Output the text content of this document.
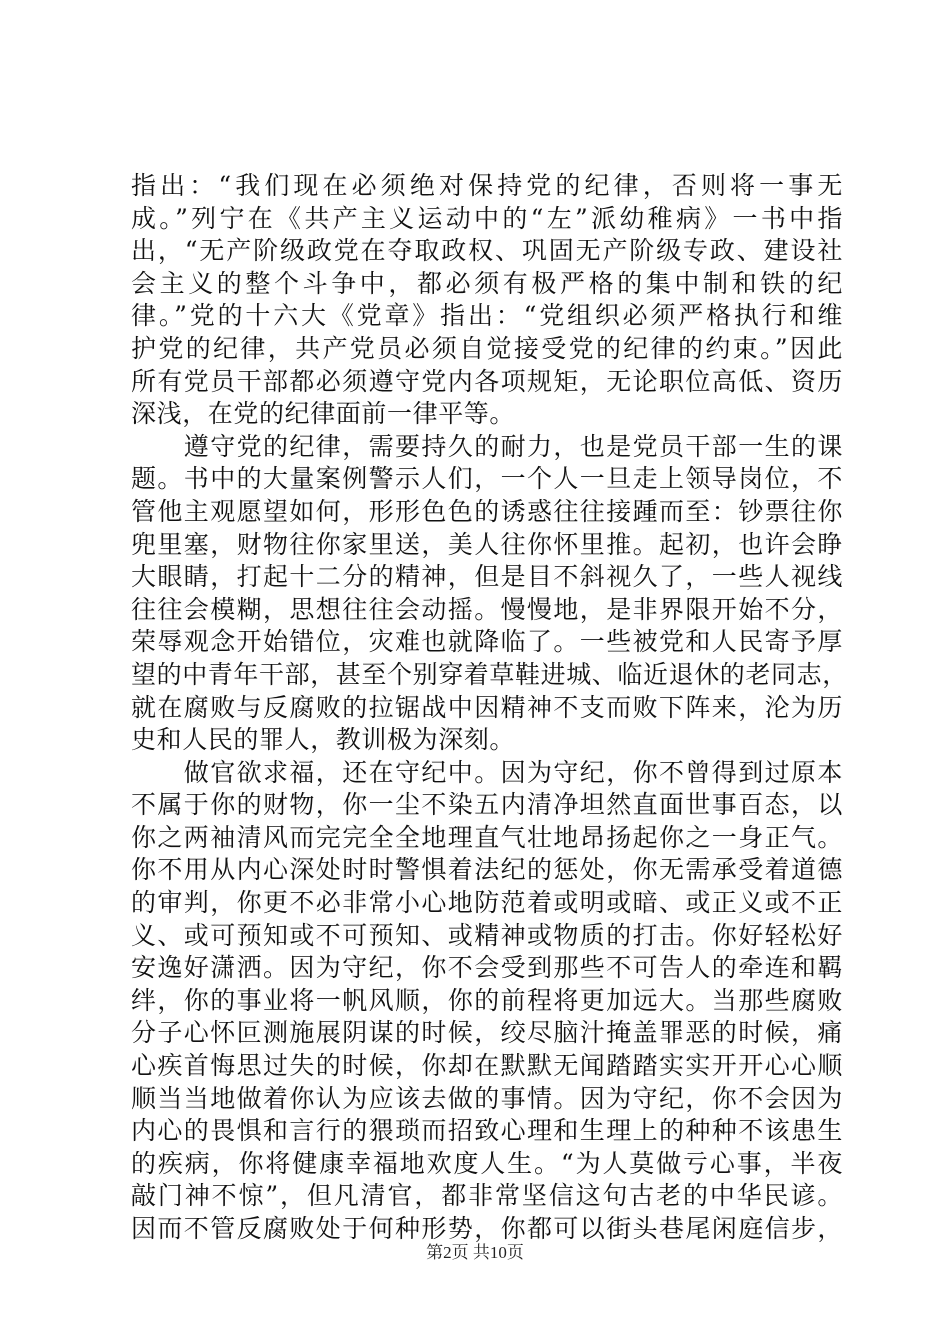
指出：“我们现在必须绝对保持党的纪律，否则将一事无
成。”列宁在《共产主义运动中的“左”派幼稚病》一书中指
出，“无产阶级政党在夺取政权、巩固无产阶级专政、建设社
会主义的整个斗争中，都必须有极严格的集中制和铁的纪
律。”党的十六大《党章》指出：“党组织必须严格执行和维
护党的纪律，共产党员必须自觉接受党的纪律的约束。”因此
所有党员干部都必须遵守党内各项规矩，无论职位高低、资历
深浅，在党的纪律面前一律平等。
　　遵守党的纪律，需要持久的耐力，也是党员干部一生的课
题。书中的大量案例警示人们，一个人一旦走上领导岗位，不
管他主观愿望如何，形形色色的诱惑往往接踵而至：钞票往你
兜里塞，财物往你家里送，美人往你怀里推。起初，也许会睁
大眼睛，打起十二分的精神，但是目不斜视久了，一些人视线
往往会模糊，思想往往会动摇。慢慢地，是非界限开始不分，
荣辱观念开始错位，灾难也就降临了。一些被党和人民寄予厚
望的中青年干部，甚至个别穿着草鞋进城、临近退休的老同志，
就在腐败与反腐败的拉锯战中因精神不支而败下阵来，沦为历
史和人民的罪人，教训极为深刻。
　　做官欲求福，还在守纪中。因为守纪，你不曾得到过原本
不属于你的财物，你一尘不染五内清净坦然直面世事百态，以
你之两袖清风而完完全全地理直气壮地昂扬起你之一身正气。
你不用从内心深处时时警惧着法纪的惩处，你无需承受着道德
的审判，你更不必非常小心地防范着或明或暗、或正义或不正
义、或可预知或不可预知、或精神或物质的打击。你好轻松好
安逸好潇洒。因为守纪，你不会受到那些不可告人的牵连和羁
绊，你的事业将一帆风顺，你的前程将更加远大。当那些腐败
分子心怀叵测施展阴谋的时候，绞尽脑汁掩盖罪恶的时候，痛
心疾首悔思过失的时候，你却在默默无闻踏踏实实开开心心顺
顺当当地做着你认为应该去做的事情。因为守纪，你不会因为
内心的畏惧和言行的猥琐而招致心理和生理上的种种不该患生
的疾病，你将健康幸福地欢度人生。“为人莫做亏心事，半夜
敲门神不惊”，但凡清官，都非常坚信这句古老的中华民谚。
因而不管反腐败处于何种形势，你都可以街头巷尾闲庭信步，
第2页 共10页
